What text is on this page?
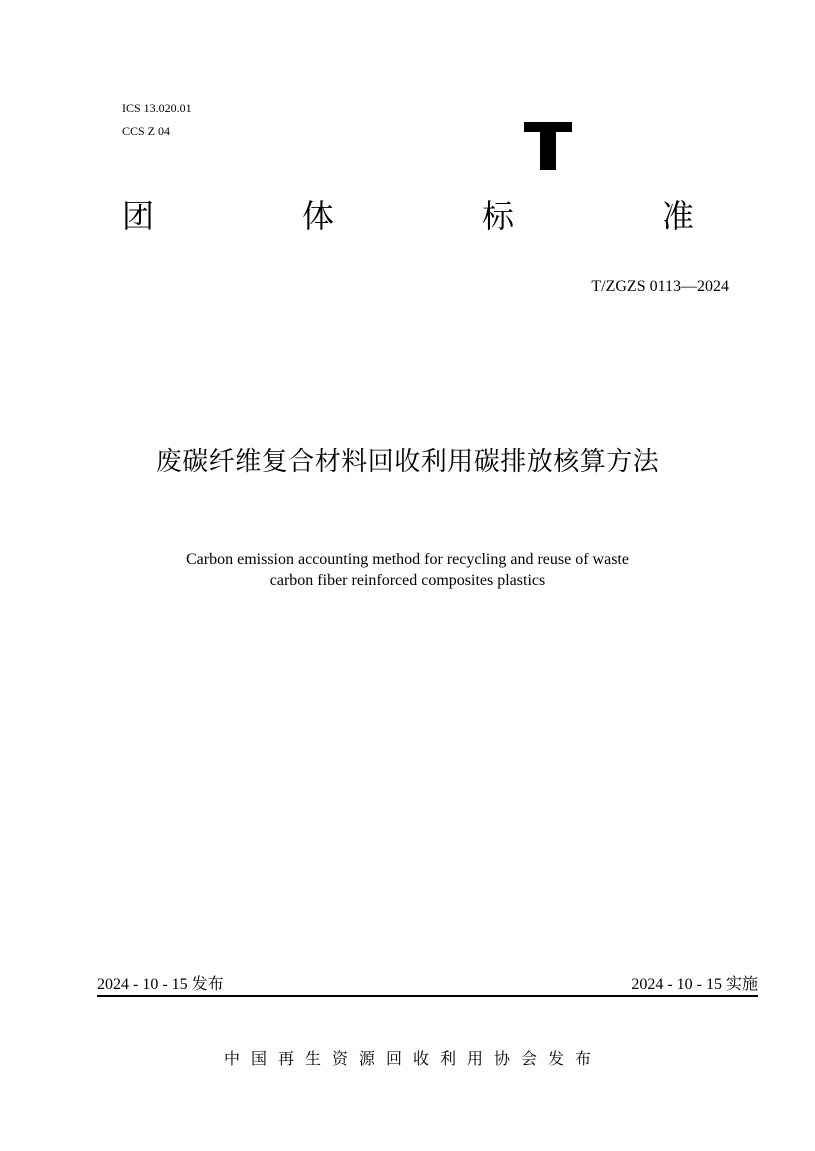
ICS 13.020.01
CCS Z 04
团	体	标	准
T/ZGZS 0113—2024
废碳纤维复合材料回收利用碳排放核算方法
Carbon emission accounting method for recycling and reuse of waste
carbon fiber reinforced composites plastics
2024 - 10 - 15 发布	2024 - 10 - 15 实施
中国再生资源回收利用协会发布
